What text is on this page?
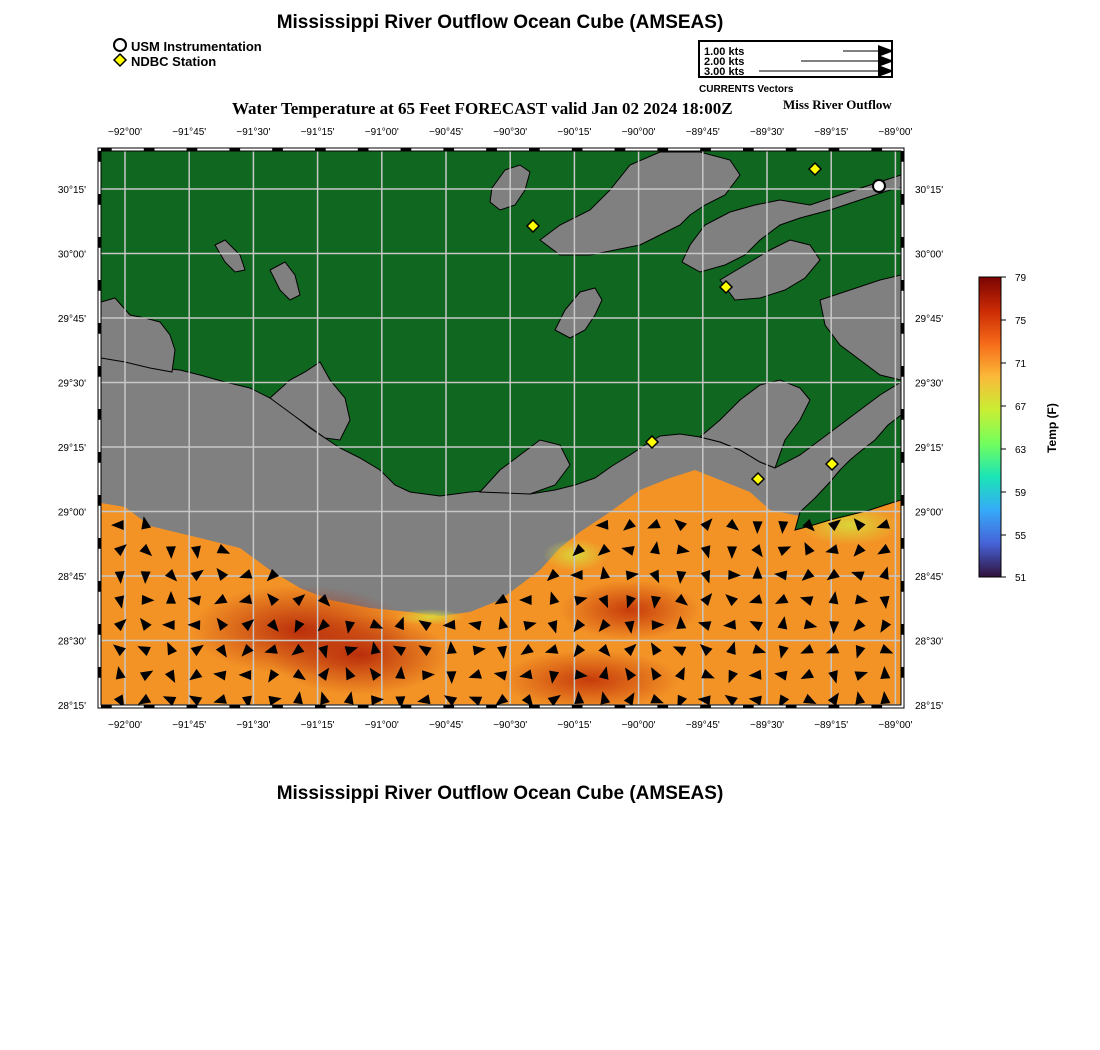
Mississippi River Outflow Ocean Cube (AMSEAS)
USM Instrumentation
NDBC Station
1.00 kts
2.00 kts
3.00 kts
CURRENTS Vectors
Water Temperature at 65 Feet FORECAST valid Jan 02 2024 18:00Z	Miss River Outflow
−92°00'	−91°45'	−91°30'	−91°15'	−91°00'	−90°45'	−90°30'	−90°15'	−90°00'	−89°45'	−89°30'	−89°15'	−89°00'
−92°00'	−91°45'	−91°30'	−91°15'	−91°00'	−90°45'	−90°30'	−90°15'	−90°00'	−89°45'	−89°30'	−89°15'	−89°00'
30°15'
30°00'
29°45'
29°30'
29°15'
29°00'
28°45'
28°30'
28°15'
30°15'
30°00'
29°45'
29°30'
29°15'
29°00'
28°45'
28°30'
28°15'
79
75
71
67
63
59
55
51
Temp (F)
Mississippi River Outflow Ocean Cube (AMSEAS)
